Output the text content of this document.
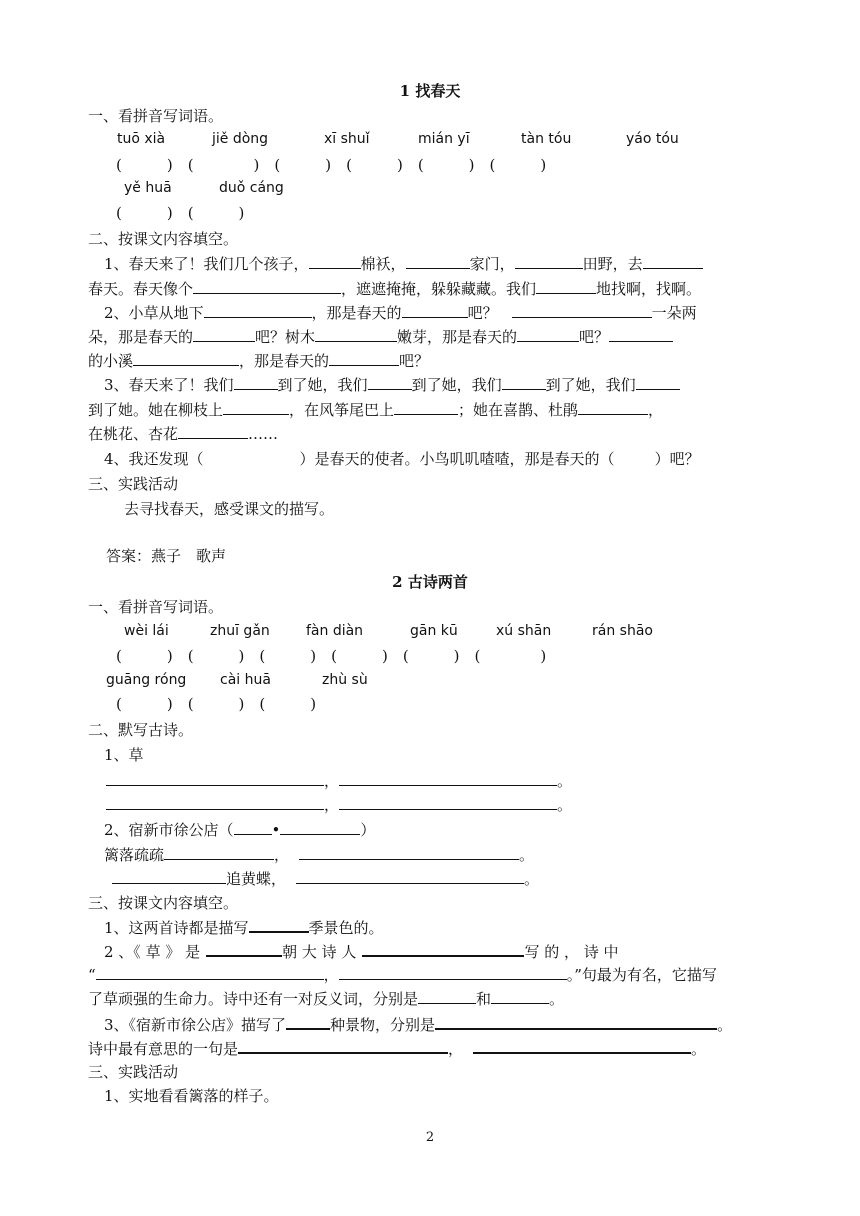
1 找春天
一、看拼音写词语。
tuō xià	jiě dòng	xī shuǐ	mián yī	tàn tóu	yáo tóu
(　　　)　(　　　　)　(　　　)　(　　　)　(　　　)　(　　　)
yě huā	duǒ cáng
(　　　)　(　　　)
二、按课文内容填空。
1、春天来了！我们几个孩子，	棉袄，	家门，	田野，去
春天。春天像个	，遮遮掩掩，躲躲藏藏。我们	地找啊，找啊。
2、小草从地下	，那是春天的	吧？	一朵两
朵，那是春天的	吧？树木	嫩芽，那是春天的	吧？
的小溪	，那是春天的	吧？
3、春天来了！我们	到了她，我们	到了她，我们	到了她，我们
到了她。她在柳枝上	，在风筝尾巴上	；她在喜鹊、杜鹃	，
在桃花、杏花	……
4、我还发现（	）是春天的使者。小鸟叽叽喳喳，那是春天的（	）吧？
三、实践活动
去寻找春天，感受课文的描写。
答案：燕子　歌声
2 古诗两首
一、看拼音写词语。
wèi lái	zhuī gǎn	fàn diàn	gān kū	xú shān	rán shāo
(　　　)　(　　　)　(　　　)　(　　　)　(　　　)　(　　　　)
guāng róng cài huā	zhù sù
(　　　)　(　　　)　(　　　)
二、默写古诗。
1、草
，	。
，	。
2、宿新市徐公店（	•	）
篱落疏疏	，	。
追黄蝶，	。
三、按课文内容填空。
1、这两首诗都是描写	季景色的。
2 、《 草 》 是	朝 大 诗 人	写 的 ， 诗 中
“	，	。”句最为有名，它描写
了草顽强的生命力。诗中还有一对反义词，分别是	和	。
3、《宿新市徐公店》描写了	种景物，分别是	。
诗中最有意思的一句是	，	。
三、实践活动
1、实地看看篱落的样子。
2
